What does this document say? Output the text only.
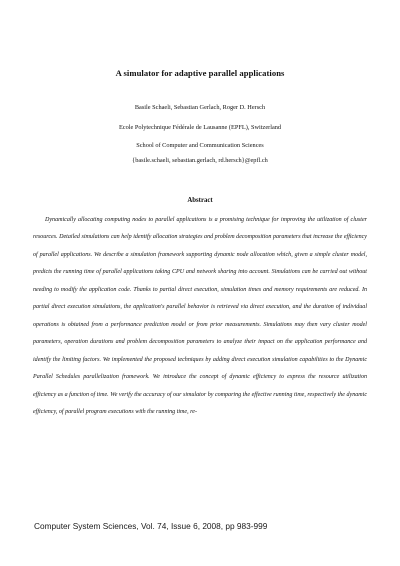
A simulator for adaptive parallel applications
Basile Schaeli, Sebastian Gerlach, Roger D. Hersch
Ecole Polytechnique Fédérale de Lausanne (EPFL), Switzerland
School of Computer and Communication Sciences
{basile.schaeli, sebastian.gerlach, rd.hersch}@epfl.ch
Abstract

Dynamically allocating computing nodes to parallel applications is a promising technique for improving the utilization of cluster resources. Detailed simulations can help identify allocation strategies and problem decomposition parameters that increase the efficiency of parallel applications. We describe a simulation framework supporting dynamic node allocation which, given a simple cluster model, predicts the running time of parallel applications taking CPU and network sharing into account. Simulations can be carried out without needing to modify the application code. Thanks to partial direct execution, simulation times and memory requirements are reduced. In partial direct execution simulations, the application's parallel behavior is retrieved via direct execution, and the duration of individual operations is obtained from a performance prediction model or from prior measurements. Simulations may then vary cluster model parameters, operation durations and problem decomposition parameters to analyze their impact on the application performance and identify the limiting factors. We implemented the proposed techniques by adding direct execution simulation capabilities to the Dynamic Parallel Schedules parallelization framework. We introduce the concept of dynamic efficiency to express the resource utilization efficiency as a function of time. We verify the accuracy of our simulator by comparing the effective running time, respectively the dynamic efficiency, of parallel program executions with the running time, re-

Computer System Sciences, Vol. 74, Issue 6, 2008, pp 983-999
